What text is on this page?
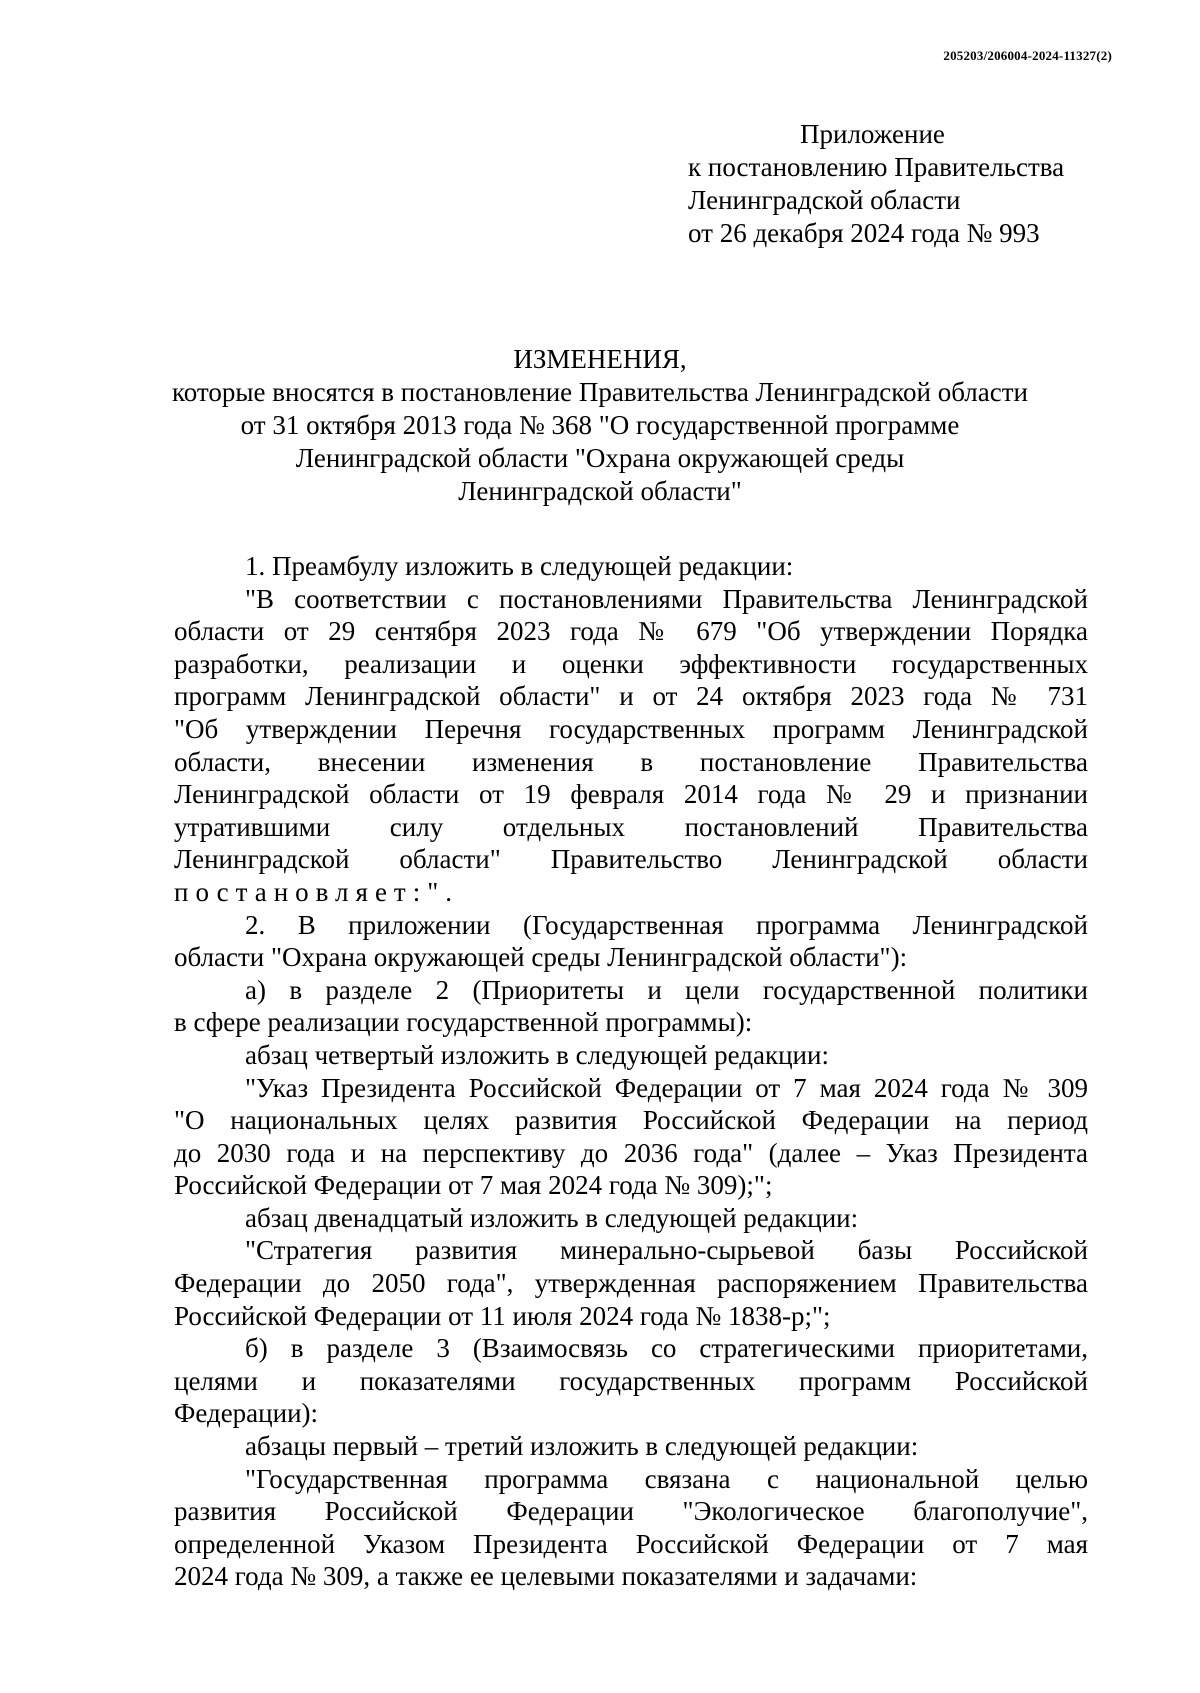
205203/206004-2024-11327(2)

Приложение
к постановлению Правительства
Ленинградской области
от 26 декабря 2024 года № 993
ИЗМЕНЕНИЯ,
которые вносятся в постановление Правительства Ленинградской области
от 31 октября 2013 года № 368 "О государственной программе
Ленинградской области "Охрана окружающей среды
Ленинградской области"
1. Преамбулу изложить в следующей редакции:
"В соответствии с постановлениями Правительства Ленинградской
области от 29 сентября 2023 года № 679 "Об утверждении Порядка
разработки, реализации и оценки эффективности государственных
программ Ленинградской области" и от 24 октября 2023 года № 731
"Об утверждении Перечня государственных программ Ленинградской
области, внесении изменения в постановление Правительства
Ленинградской области от 19 февраля 2014 года № 29 и признании
утратившими силу отдельных постановлений Правительства
Ленинградской области" Правительство Ленинградской области
постановляет:".
2. В приложении (Государственная программа Ленинградской
области "Охрана окружающей среды Ленинградской области"):
а) в разделе 2 (Приоритеты и цели государственной политики
в сфере реализации государственной программы):
абзац четвертый изложить в следующей редакции:
"Указ Президента Российской Федерации от 7 мая 2024 года № 309
"О национальных целях развития Российской Федерации на период
до 2030 года и на перспективу до 2036 года" (далее – Указ Президента
Российской Федерации от 7 мая 2024 года № 309);";
абзац двенадцатый изложить в следующей редакции:
"Стратегия развития минерально-сырьевой базы Российской
Федерации до 2050 года", утвержденная распоряжением Правительства
Российской Федерации от 11 июля 2024 года № 1838-р;";
б) в разделе 3 (Взаимосвязь со стратегическими приоритетами,
целями и показателями государственных программ Российской
Федерации):
абзацы первый – третий изложить в следующей редакции:
"Государственная программа связана с национальной целью
развития Российской Федерации "Экологическое благополучие",
определенной Указом Президента Российской Федерации от 7 мая
2024 года № 309, а также ее целевыми показателями и задачами:
